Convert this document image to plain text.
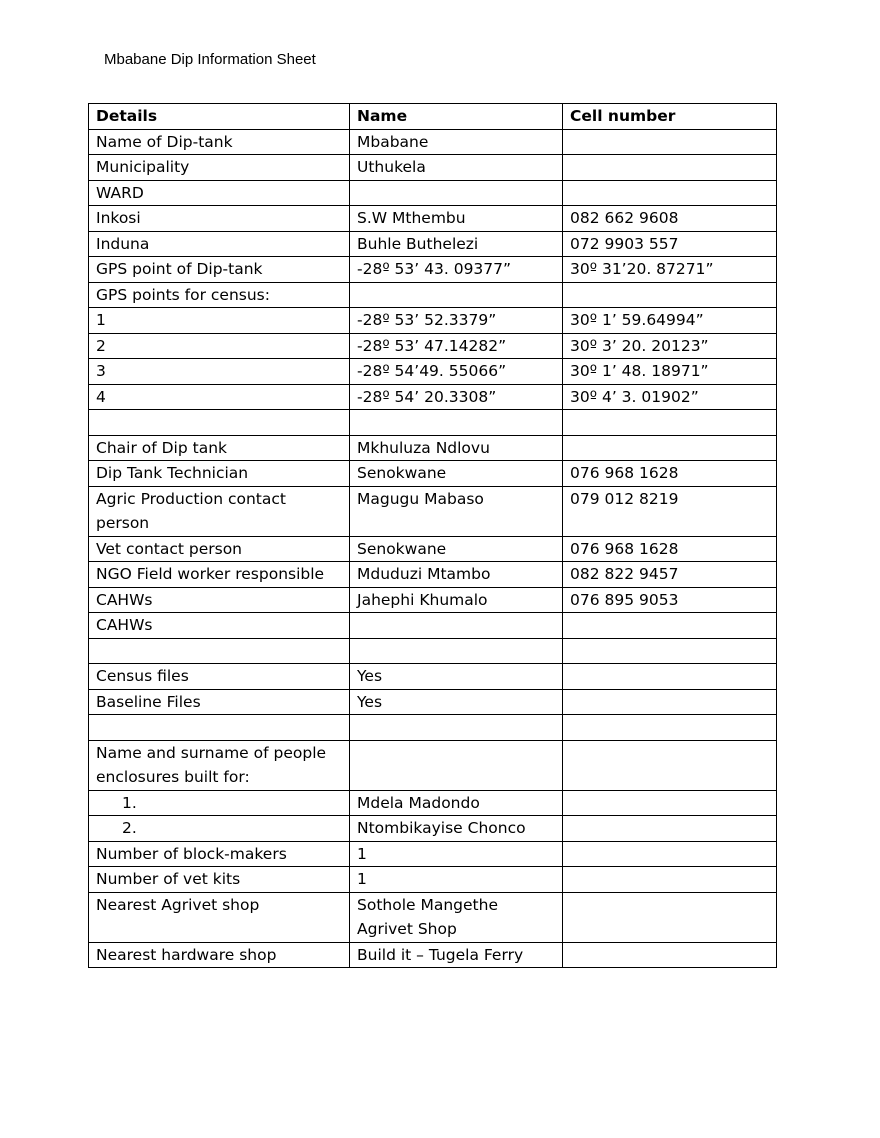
Mbabane Dip Information Sheet
Details	Name	Cell number
Name of Dip-tank	Mbabane	
Municipality	Uthukela	
WARD		
Inkosi	S.W Mthembu	082 662 9608
Induna	Buhle Buthelezi	072 9903 557
GPS point of Dip-tank	-28º 53’ 43. 09377”	30º 31’20. 87271”
GPS points for census:		
1	-28º 53’ 52.3379”	30º 1’ 59.64994”
2	-28º 53’ 47.14282”	30º 3’ 20. 20123”
3	-28º 54’49. 55066”	30º 1’ 48. 18971”
4	-28º 54’ 20.3308”	30º 4’ 3. 01902”

Chair of Dip tank	Mkhuluza Ndlovu	
Dip Tank Technician	Senokwane	076 968 1628
Agric Production contact person	Magugu Mabaso	079 012 8219
Vet contact person	Senokwane	076 968 1628
NGO Field worker responsible	Mduduzi Mtambo	082 822 9457
CAHWs	Jahephi Khumalo	076 895 9053
CAHWs		

Census files	Yes	
Baseline Files	Yes	

Name and surname of people enclosures built for:		
1.	Mdela Madondo	
2.	Ntombikayise Chonco	
Number of block-makers	1	
Number of vet kits	1	
Nearest Agrivet shop	Sothole Mangethe Agrivet Shop	
Nearest hardware shop	Build it – Tugela Ferry	
